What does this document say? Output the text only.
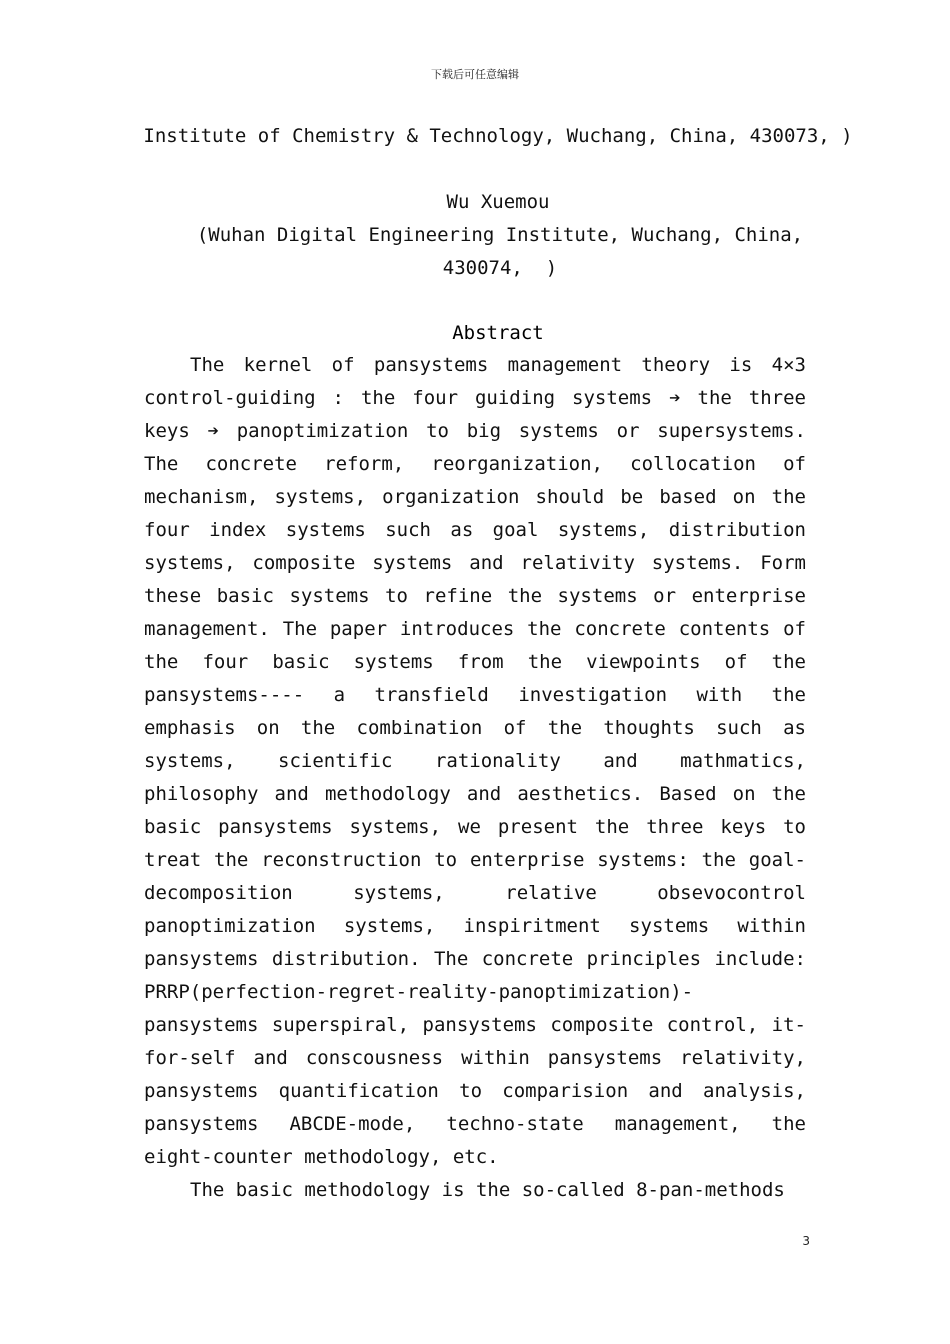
下载后可任意编辑
Institute of Chemistry & Technology, Wuchang, China, 430073, )
Wu Xuemou
(Wuhan Digital Engineering Institute, Wuchang, China, 430074,  )
Abstract

The kernel of pansystems management theory is 4×3 control-guiding : the four guiding systems ➔ the three keys ➔ panoptimization to big systems or supersystems. The concrete reform, reorganization, collocation of mechanism, systems, organization should be based on the four index systems such as goal systems, distribution systems, composite systems and relativity systems. Form these basic systems to refine the systems or enterprise management. The paper introduces the concrete contents of the four basic systems from the viewpoints of the pansystems---- a transfield investigation with the emphasis on the combination of the thoughts such as systems, scientific rationality and mathmatics, philosophy and methodology and aesthetics. Based on the basic pansystems systems, we present the three keys to treat the reconstruction to enterprise systems: the goal-decomposition systems, relative obsevocontrol panoptimization systems, inspiritment systems within pansystems distribution. The concrete principles include: PRRP(perfection-regret-reality-panoptimization)-pansystems superspiral, pansystems composite control, it-for-self and conscousness within pansystems relativity, pansystems quantification to comparision and analysis, pansystems ABCDE-mode, techno-state management, the eight-counter methodology, etc.

The basic methodology is the so-called 8-pan-methods

3
